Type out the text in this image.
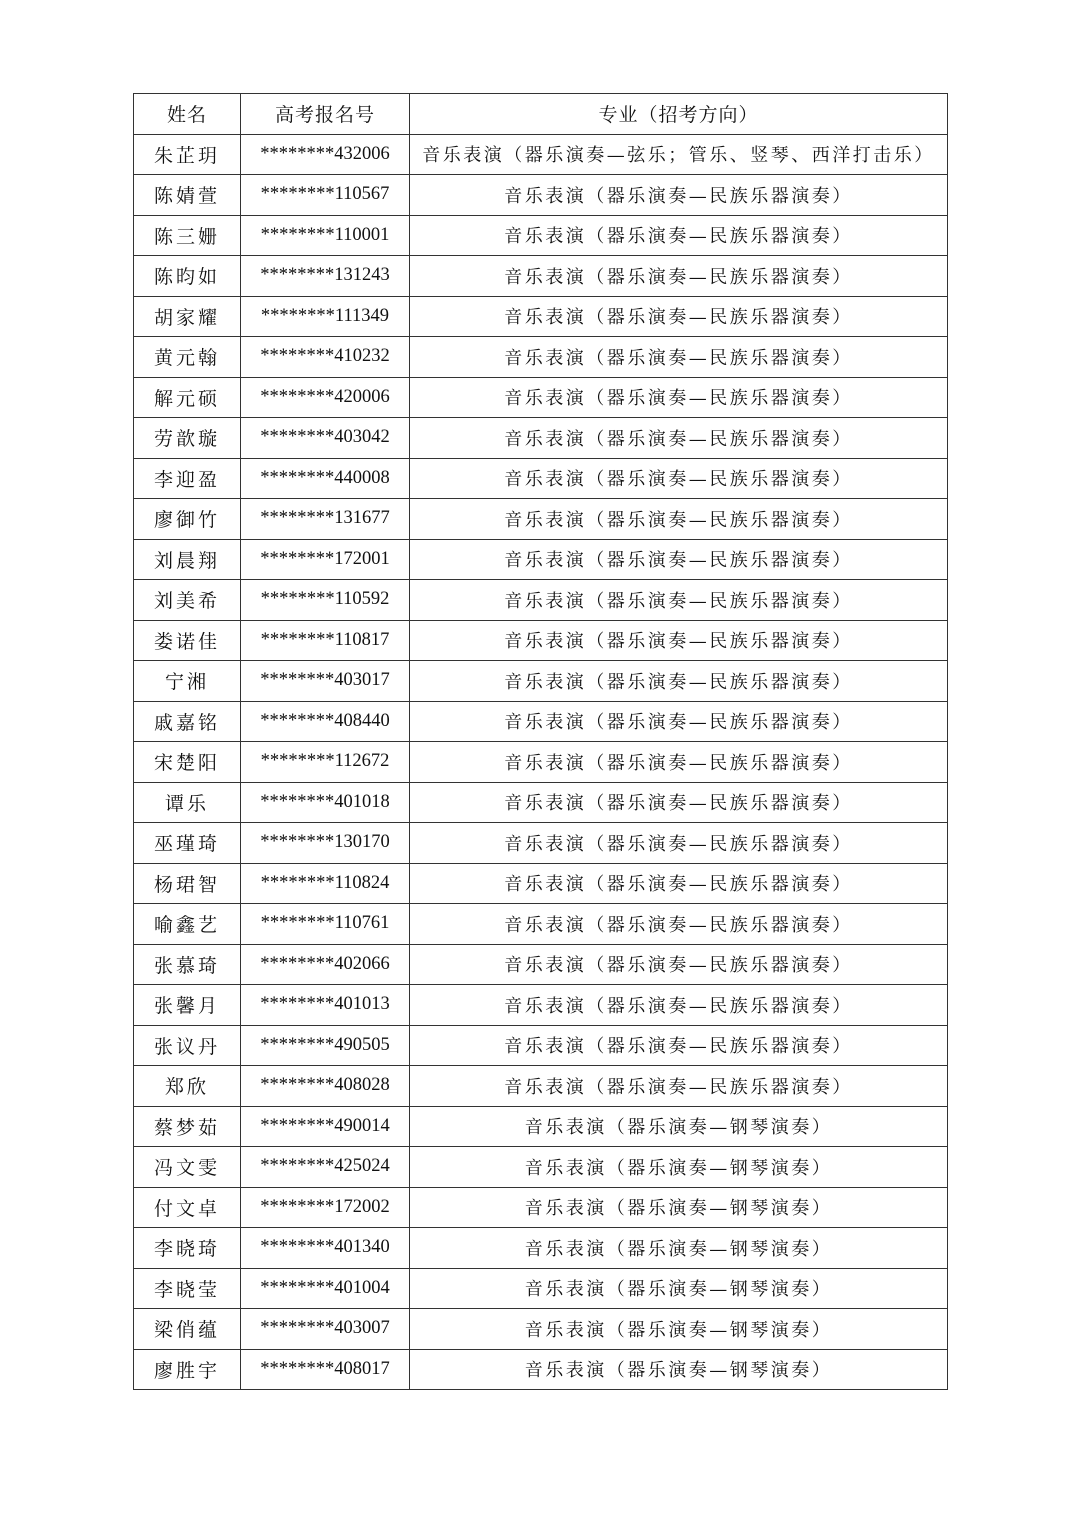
姓名	高考报名号	专业（招考方向）
朱芷玥	********432006	音乐表演（器乐演奏—弦乐；管乐、竖琴、西洋打击乐）
陈婧萱	********110567	音乐表演（器乐演奏—民族乐器演奏）
陈三姗	********110001	音乐表演（器乐演奏—民族乐器演奏）
陈昀如	********131243	音乐表演（器乐演奏—民族乐器演奏）
胡家耀	********111349	音乐表演（器乐演奏—民族乐器演奏）
黄元翰	********410232	音乐表演（器乐演奏—民族乐器演奏）
解元硕	********420006	音乐表演（器乐演奏—民族乐器演奏）
劳歆璇	********403042	音乐表演（器乐演奏—民族乐器演奏）
李迎盈	********440008	音乐表演（器乐演奏—民族乐器演奏）
廖御竹	********131677	音乐表演（器乐演奏—民族乐器演奏）
刘晨翔	********172001	音乐表演（器乐演奏—民族乐器演奏）
刘美希	********110592	音乐表演（器乐演奏—民族乐器演奏）
娄诺佳	********110817	音乐表演（器乐演奏—民族乐器演奏）
宁湘	********403017	音乐表演（器乐演奏—民族乐器演奏）
戚嘉铭	********408440	音乐表演（器乐演奏—民族乐器演奏）
宋楚阳	********112672	音乐表演（器乐演奏—民族乐器演奏）
谭乐	********401018	音乐表演（器乐演奏—民族乐器演奏）
巫瑾琦	********130170	音乐表演（器乐演奏—民族乐器演奏）
杨珺智	********110824	音乐表演（器乐演奏—民族乐器演奏）
喻鑫艺	********110761	音乐表演（器乐演奏—民族乐器演奏）
张慕琦	********402066	音乐表演（器乐演奏—民族乐器演奏）
张馨月	********401013	音乐表演（器乐演奏—民族乐器演奏）
张议丹	********490505	音乐表演（器乐演奏—民族乐器演奏）
郑欣	********408028	音乐表演（器乐演奏—民族乐器演奏）
蔡梦茹	********490014	音乐表演（器乐演奏—钢琴演奏）
冯文雯	********425024	音乐表演（器乐演奏—钢琴演奏）
付文卓	********172002	音乐表演（器乐演奏—钢琴演奏）
李晓琦	********401340	音乐表演（器乐演奏—钢琴演奏）
李晓莹	********401004	音乐表演（器乐演奏—钢琴演奏）
梁俏蕴	********403007	音乐表演（器乐演奏—钢琴演奏）
廖胜宇	********408017	音乐表演（器乐演奏—钢琴演奏）
